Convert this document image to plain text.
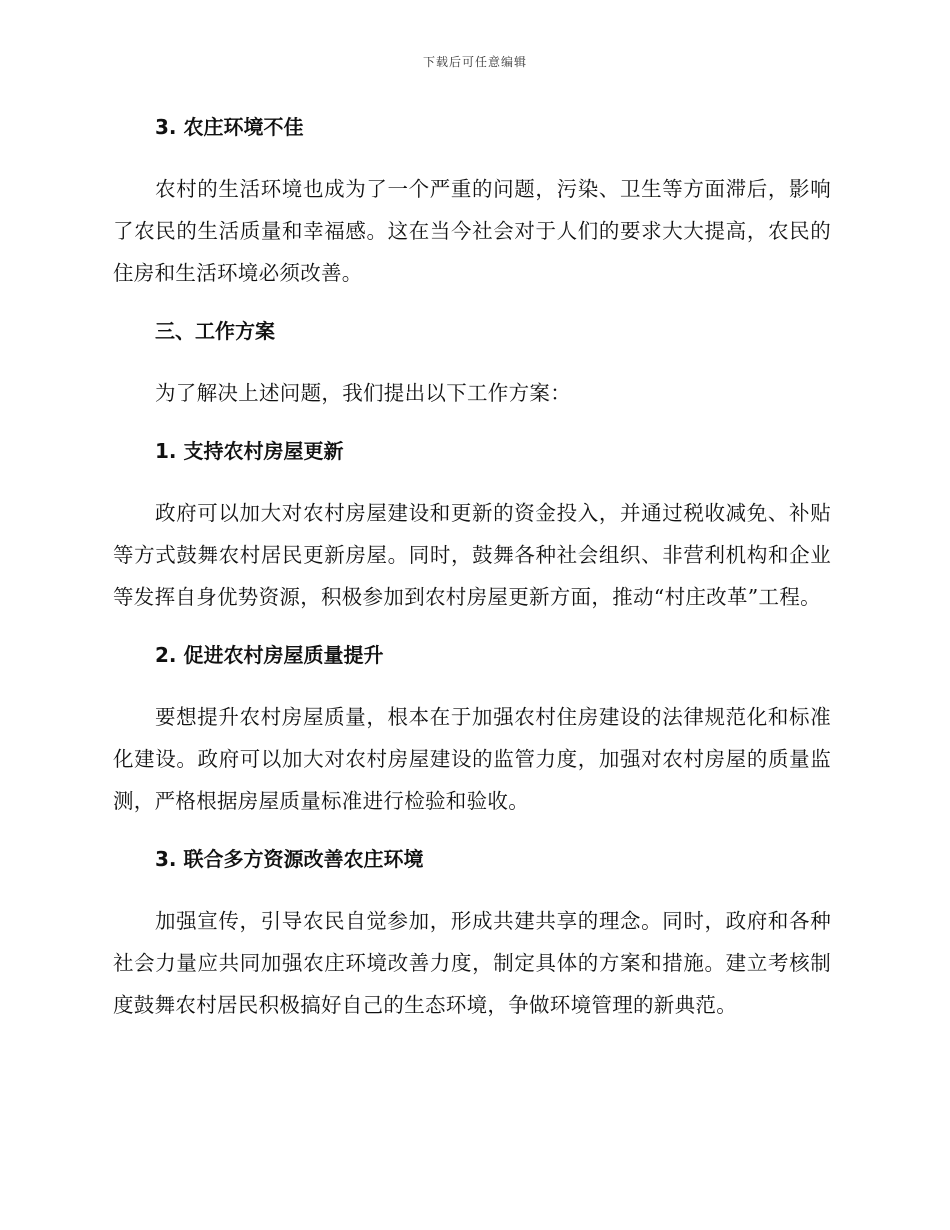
下载后可任意编辑
3. 农庄环境不佳

农村的生活环境也成为了一个严重的问题，污染、卫生等方面滞后，影响了农民的生活质量和幸福感。这在当今社会对于人们的要求大大提高，农民的住房和生活环境必须改善。

三、工作方案

为了解决上述问题，我们提出以下工作方案：

1. 支持农村房屋更新

政府可以加大对农村房屋建设和更新的资金投入，并通过税收减免、补贴等方式鼓舞农村居民更新房屋。同时，鼓舞各种社会组织、非营利机构和企业等发挥自身优势资源，积极参加到农村房屋更新方面，推动“村庄改革”工程。

2. 促进农村房屋质量提升

要想提升农村房屋质量，根本在于加强农村住房建设的法律规范化和标准化建设。政府可以加大对农村房屋建设的监管力度，加强对农村房屋的质量监测，严格根据房屋质量标准进行检验和验收。

3. 联合多方资源改善农庄环境

加强宣传，引导农民自觉参加，形成共建共享的理念。同时，政府和各种社会力量应共同加强农庄环境改善力度，制定具体的方案和措施。建立考核制度鼓舞农村居民积极搞好自己的生态环境，争做环境管理的新典范。
